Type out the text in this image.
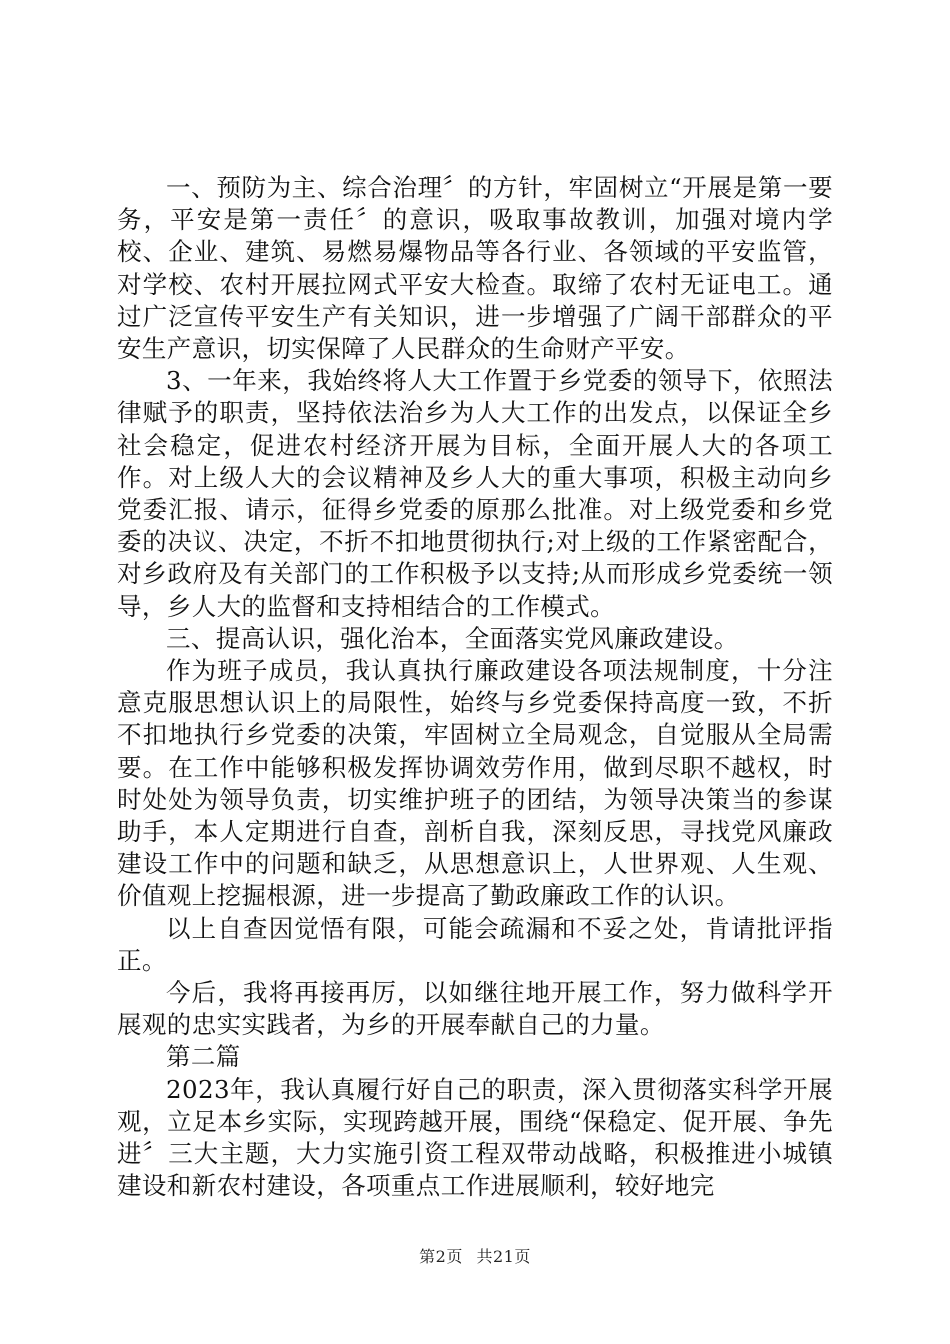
一、预防为主、综合治理〞的方针，牢固树立“开展是第一要务，平安是第一责任〞的意识，吸取事故教训，加强对境内学校、企业、建筑、易燃易爆物品等各行业、各领域的平安监管，对学校、农村开展拉网式平安大检查。取缔了农村无证电工。通过广泛宣传平安生产有关知识，进一步增强了广阔干部群众的平安生产意识，切实保障了人民群众的生命财产平安。

3、一年来，我始终将人大工作置于乡党委的领导下，依照法律赋予的职责，坚持依法治乡为人大工作的出发点，以保证全乡社会稳定，促进农村经济开展为目标，全面开展人大的各项工作。对上级人大的会议精神及乡人大的重大事项，积极主动向乡党委汇报、请示，征得乡党委的原那么批准。对上级党委和乡党委的决议、决定，不折不扣地贯彻执行;对上级的工作紧密配合，对乡政府及有关部门的工作积极予以支持;从而形成乡党委统一领导，乡人大的监督和支持相结合的工作模式。

三、提高认识，强化治本，全面落实党风廉政建设。

作为班子成员，我认真执行廉政建设各项法规制度，十分注意克服思想认识上的局限性，始终与乡党委保持高度一致，不折不扣地执行乡党委的决策，牢固树立全局观念，自觉服从全局需要。在工作中能够积极发挥协调效劳作用，做到尽职不越权，时时处处为领导负责，切实维护班子的团结，为领导决策当的参谋助手，本人定期进行自查，剖析自我，深刻反思，寻找党风廉政建设工作中的问题和缺乏，从思想意识上，人世界观、人生观、价值观上挖掘根源，进一步提高了勤政廉政工作的认识。

以上自查因觉悟有限，可能会疏漏和不妥之处，肯请批评指正。

今后，我将再接再厉，以如继往地开展工作，努力做科学开展观的忠实实践者，为乡的开展奉献自己的力量。

第二篇

2023年，我认真履行好自己的职责，深入贯彻落实科学开展观，立足本乡实际，实现跨越开展，围绕“保稳定、促开展、争先进〞三大主题，大力实施引资工程双带动战略，积极推进小城镇建设和新农村建设，各项重点工作进展顺利，较好地完

第2页 共21页
